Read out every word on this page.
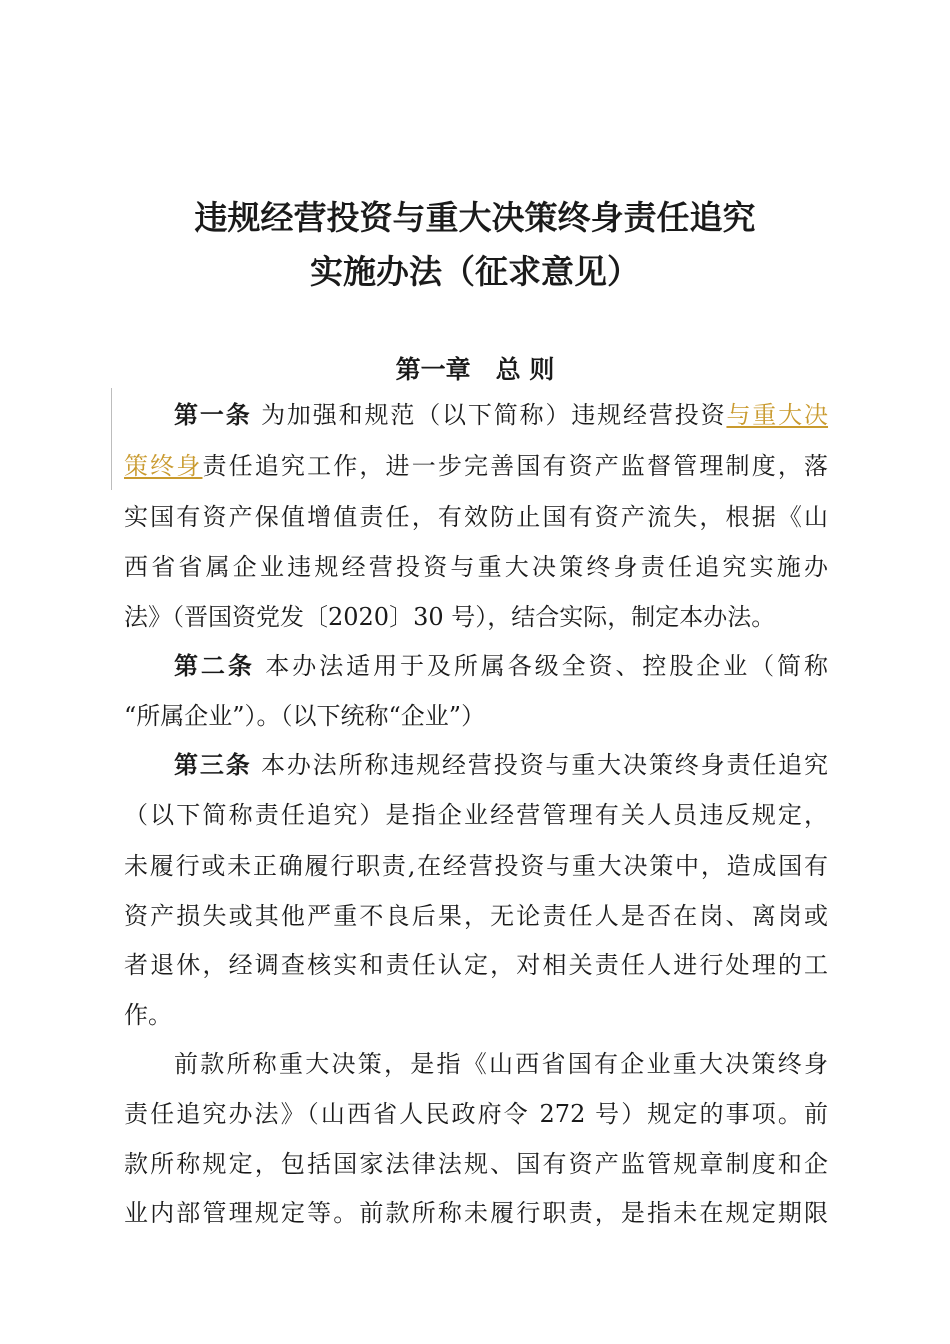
违规经营投资与重大决策终身责任追究
实施办法（征求意见）
第一章　总 则
第一条 为加强和规范（以下简称）违规经营投资与重大决
策终身责任追究工作，进一步完善国有资产监督管理制度，落
实国有资产保值增值责任，有效防止国有资产流失，根据《山
西省省属企业违规经营投资与重大决策终身责任追究实施办
法》（晋国资党发〔2020〕30 号），结合实际，制定本办法。
第二条 本办法适用于及所属各级全资、控股企业（简称
“所属企业”）。（以下统称“企业”）
第三条 本办法所称违规经营投资与重大决策终身责任追究
（以下简称责任追究）是指企业经营管理有关人员违反规定，
未履行或未正确履行职责,在经营投资与重大决策中，造成国有
资产损失或其他严重不良后果，无论责任人是否在岗、离岗或
者退休，经调查核实和责任认定，对相关责任人进行处理的工
作。
前款所称重大决策，是指《山西省国有企业重大决策终身
责任追究办法》（山西省人民政府令 272 号）规定的事项。前
款所称规定，包括国家法律法规、国有资产监管规章制度和企
业内部管理规定等。前款所称未履行职责，是指未在规定期限
